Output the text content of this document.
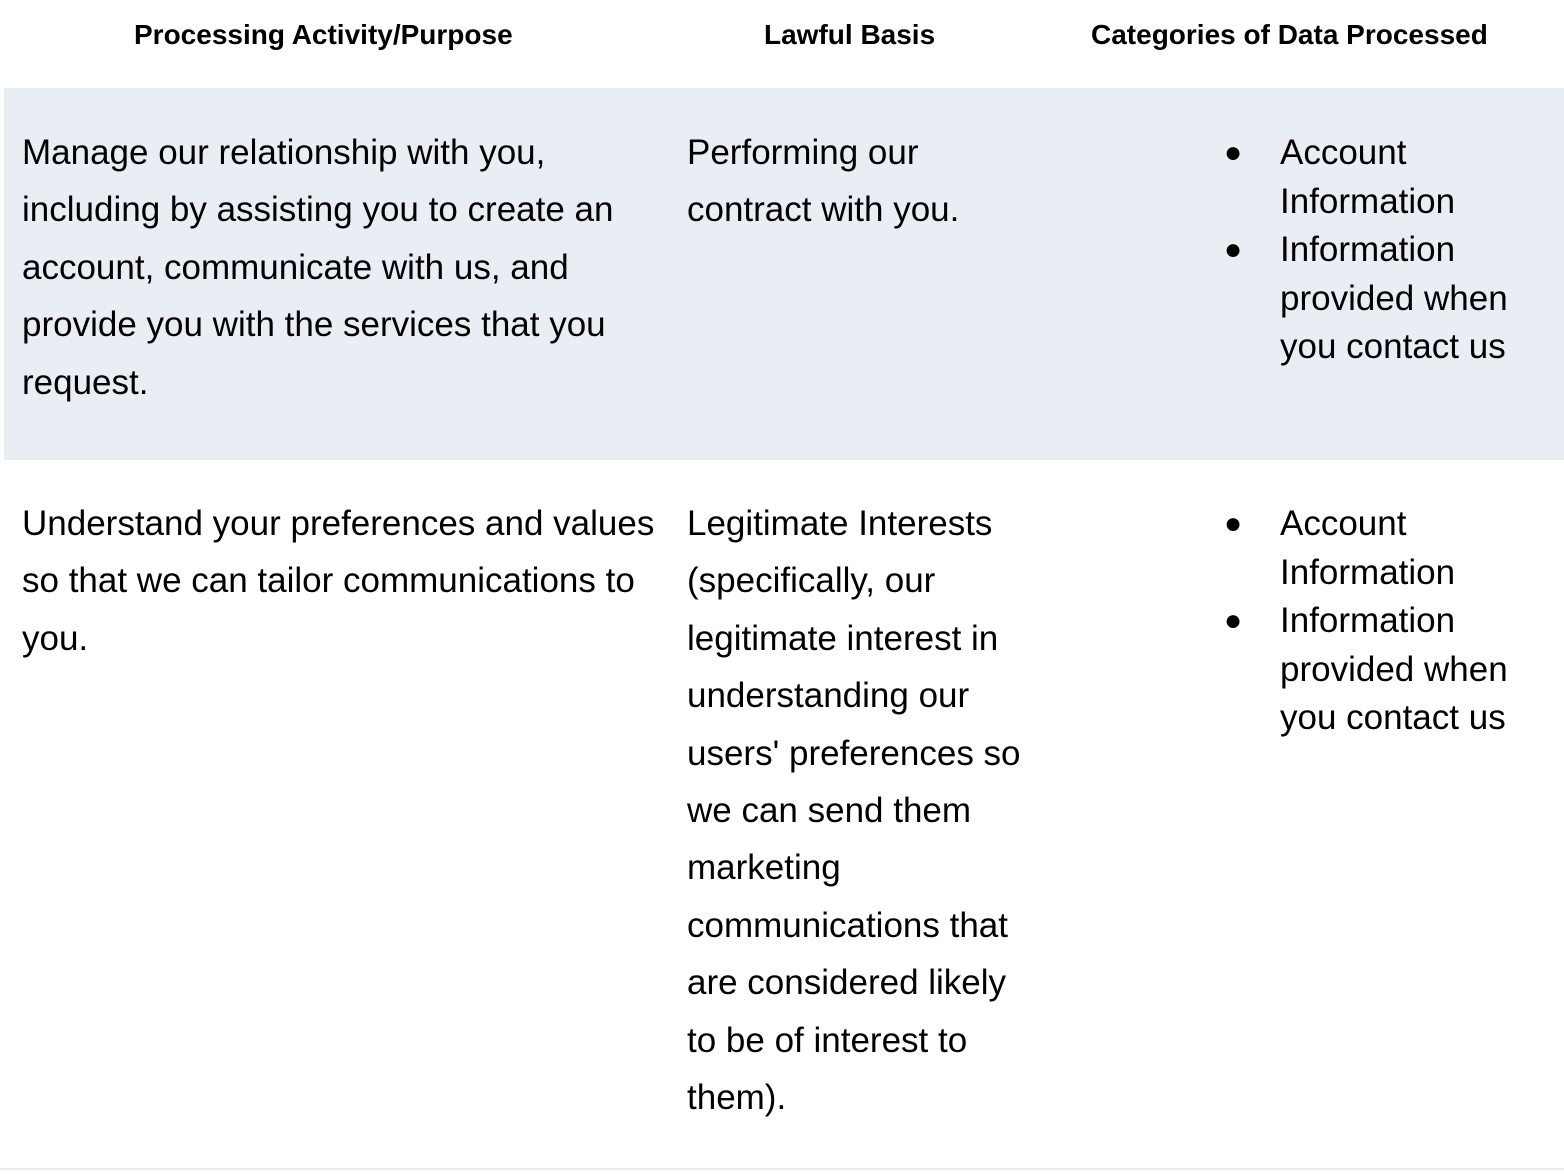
Processing Activity/Purpose	Lawful Basis	Categories of Data Processed
Manage our relationship with you, including by assisting you to create an account, communicate with us, and provide you with the services that you request.
Performing our contract with you.
● Account Information
● Information provided when you contact us
Understand your preferences and values so that we can tailor communications to you.
Legitimate Interests (specifically, our legitimate interest in understanding our users' preferences so we can send them marketing communications that are considered likely to be of interest to them).
● Account Information
● Information provided when you contact us
